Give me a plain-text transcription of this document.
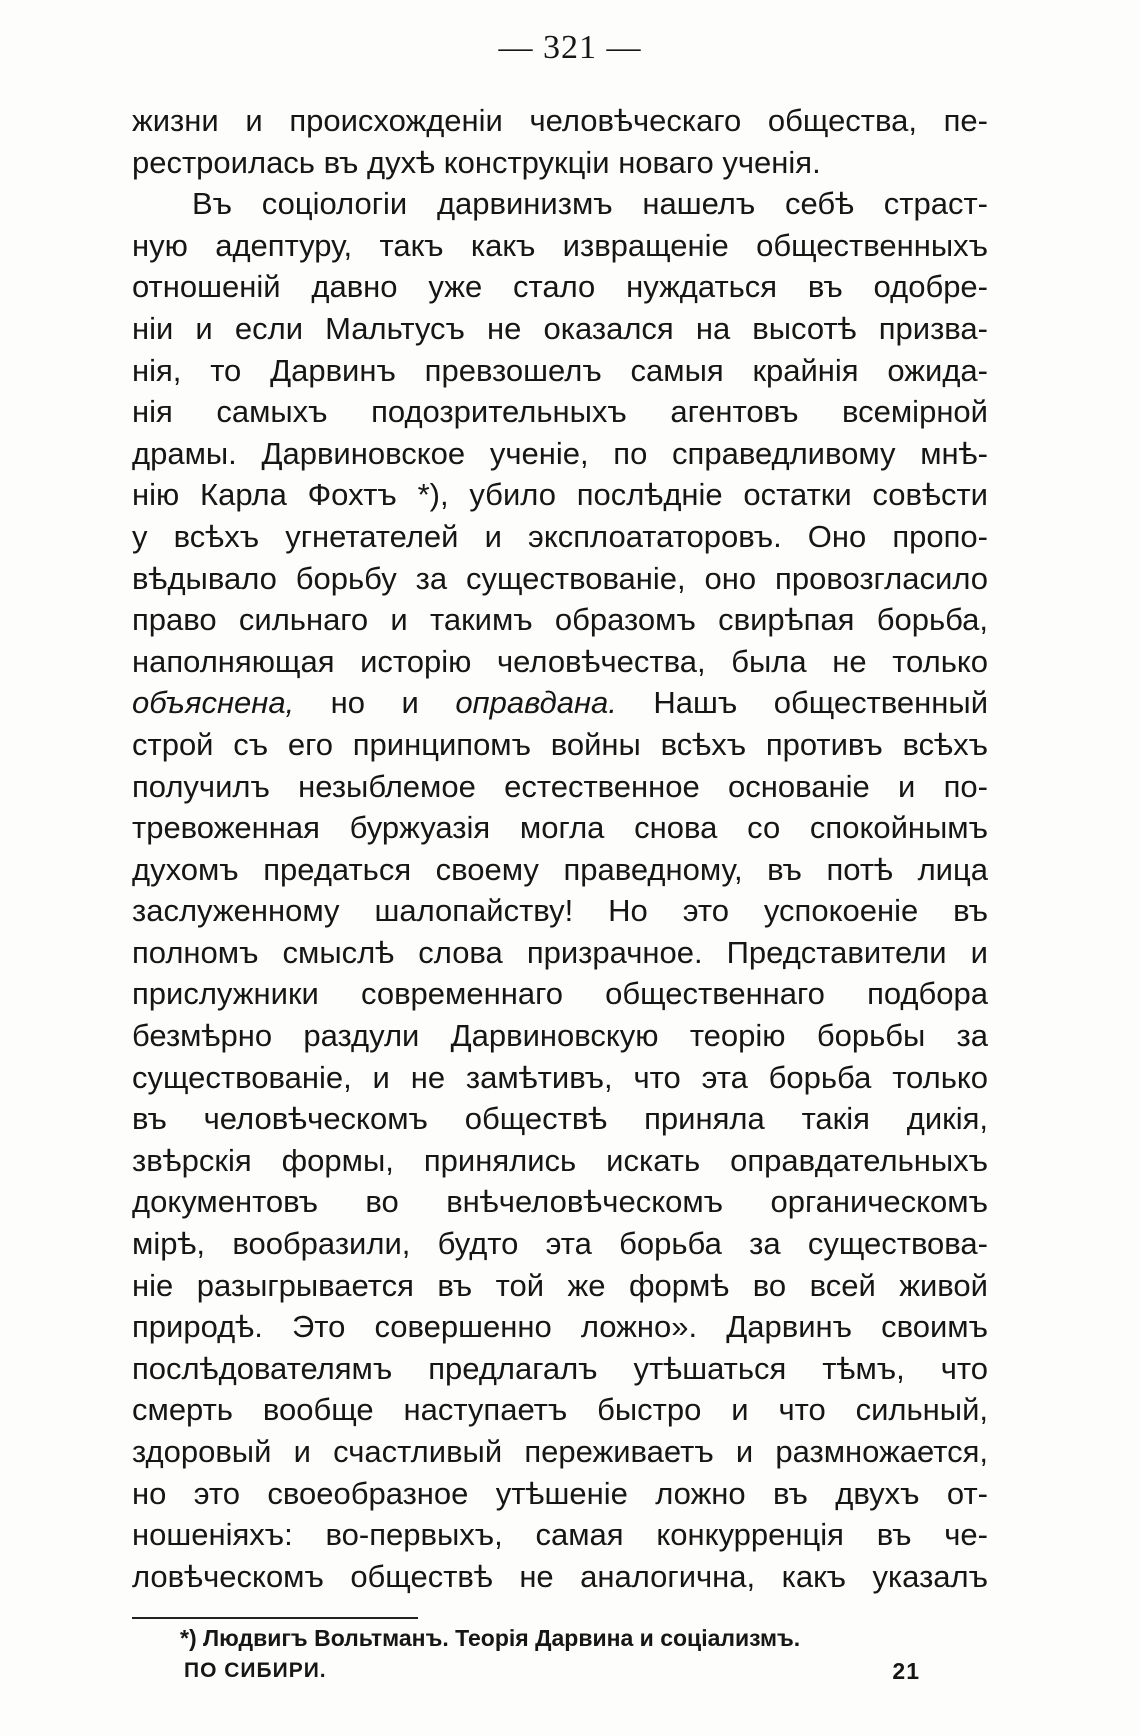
— 321 —
жизни и происхожденіи человѣческаго общества, пе-
рестроилась въ духѣ конструкціи новаго ученія.
Въ соціологіи дарвинизмъ нашелъ себѣ страст-
ную адептуру, такъ какъ извращеніе общественныхъ
отношеній давно уже стало нуждаться въ одобре-
ніи и если Мальтусъ не оказался на высотѣ призва-
нія, то Дарвинъ превзошелъ самыя крайнія ожида-
нія самыхъ подозрительныхъ агентовъ всемірной
драмы. Дарвиновское ученіе, по справедливому мнѣ-
нію Карла Фохтъ *), убило послѣдніе остатки совѣсти
у всѣхъ угнетателей и эксплоататоровъ. Оно пропо-
вѣдывало борьбу за существованіе, оно провозгласило
право сильнаго и такимъ образомъ свирѣпая борьба,
наполняющая исторію человѣчества, была не только
объяснена, но и оправдана. Нашъ общественный
строй съ его принципомъ войны всѣхъ противъ всѣхъ
получилъ незыблемое естественное основаніе и по-
тревоженная буржуазія могла снова со спокойнымъ
духомъ предаться своему праведному, въ потѣ лица
заслуженному шалопайству! Но это успокоеніе въ
полномъ смыслѣ слова призрачное. Представители и
прислужники современнаго общественнаго подбора
безмѣрно раздули Дарвиновскую теорію борьбы за
существованіе, и не замѣтивъ, что эта борьба только
въ человѣческомъ обществѣ приняла такія дикія,
звѣрскія формы, принялись искать оправдательныхъ
документовъ во внѣчеловѣческомъ органическомъ
мірѣ, вообразили, будто эта борьба за существова-
ніе разыгрывается въ той же формѣ во всей живой
природѣ. Это совершенно ложно». Дарвинъ своимъ
послѣдователямъ предлагалъ утѣшаться тѣмъ, что
смерть вообще наступаетъ быстро и что сильный,
здоровый и счастливый переживаетъ и размножается,
но это своеобразное утѣшеніе ложно въ двухъ от-
ношеніяхъ: во-первыхъ, самая конкурренція въ че-
ловѣческомъ обществѣ не аналогична, какъ указалъ
*) Людвигъ Вольтманъ. Теорія Дарвина и соціализмъ.
ПО СИБИРИ.	21
